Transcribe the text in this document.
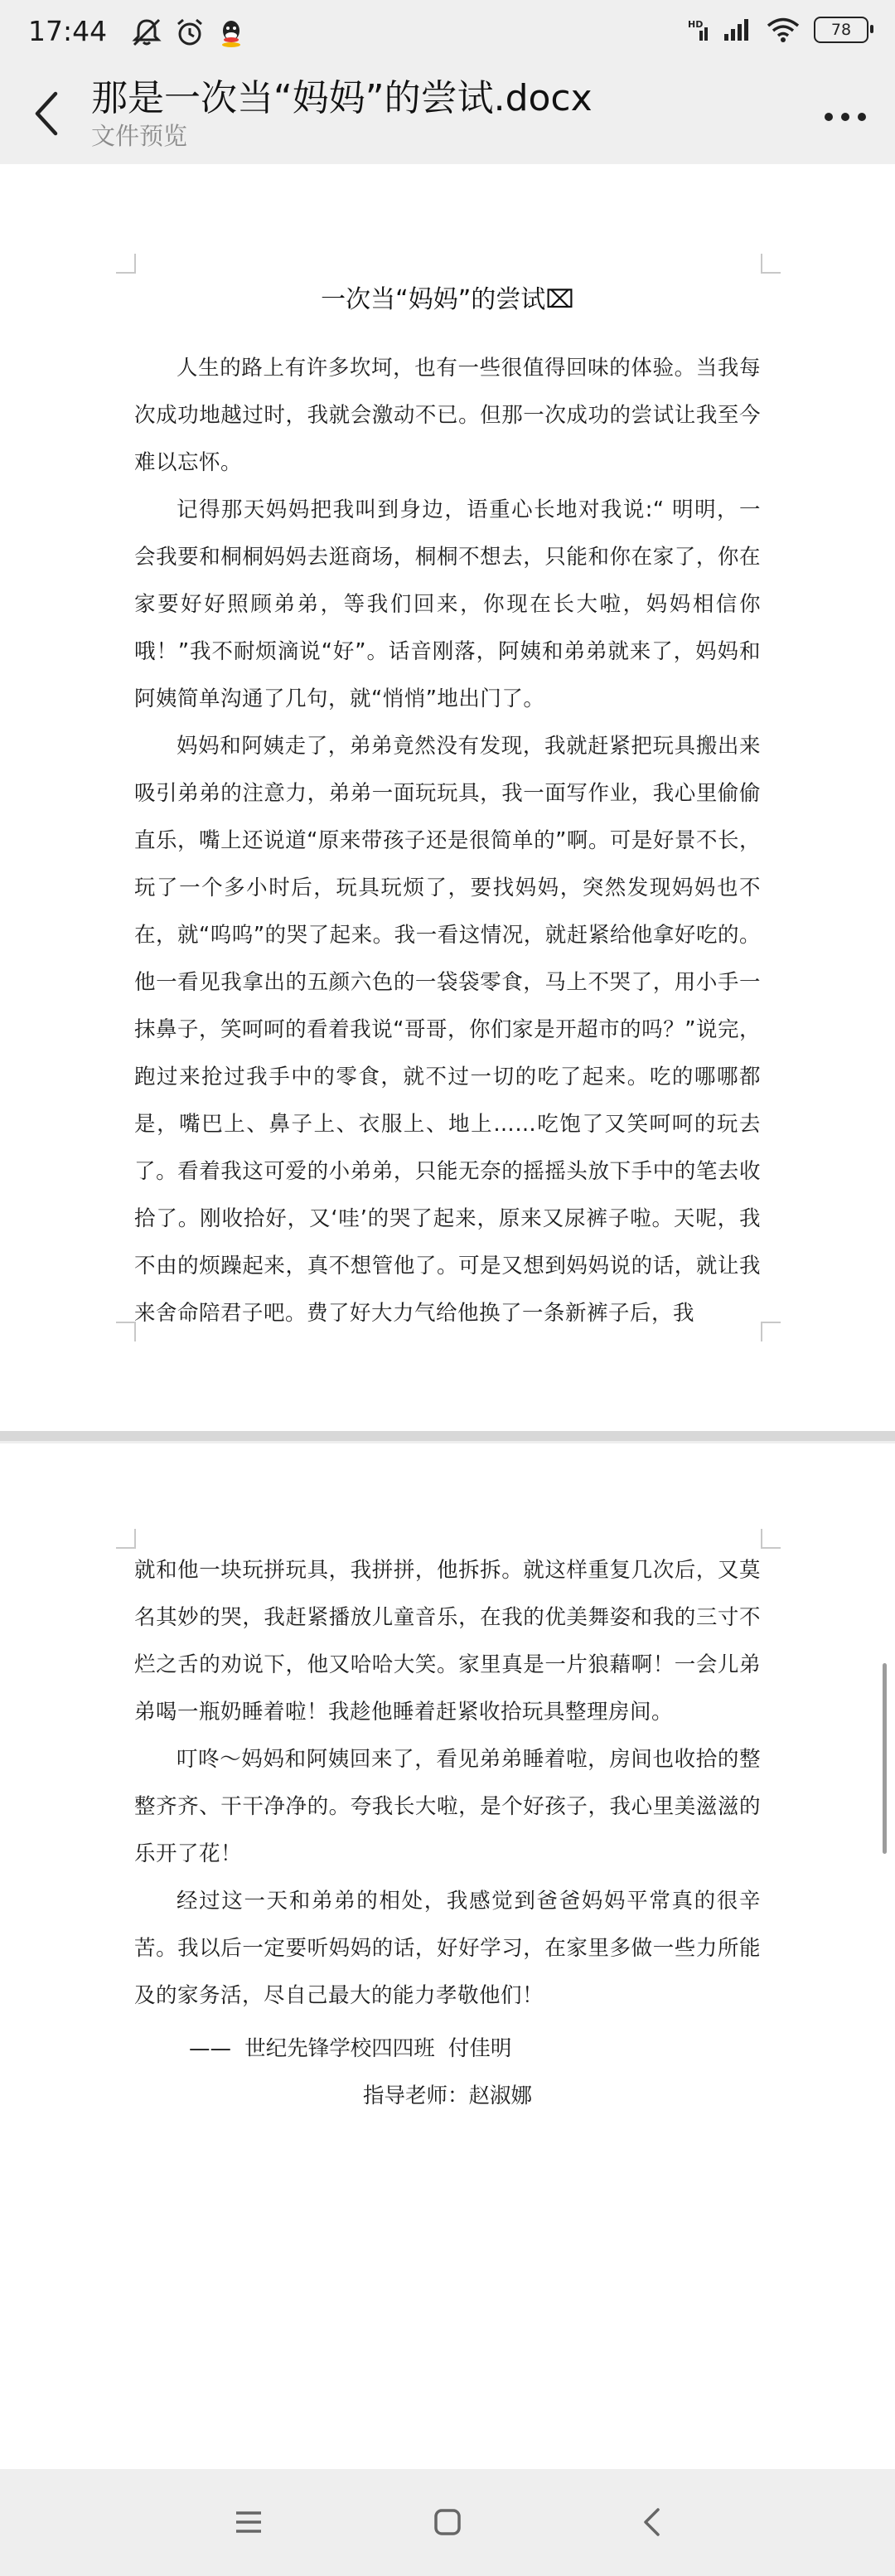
17:44	HD	78
那是一次当“妈妈”的尝试.docx
文件预览
一次当“妈妈”的尝试⌧

人生的路上有许多坎坷，也有一些很值得回味的体验。当我每次成功地越过时，我就会激动不已。但那一次成功的尝试让我至今难以忘怀。

记得那天妈妈把我叫到身边，语重心长地对我说:“ 明明，一会我要和桐桐妈妈去逛商场，桐桐不想去，只能和你在家了，你在家要好好照顾弟弟，等我们回来，你现在长大啦，妈妈相信你哦！”我不耐烦滴说“好”。话音刚落，阿姨和弟弟就来了，妈妈和阿姨简单沟通了几句，就“悄悄”地出门了。

妈妈和阿姨走了，弟弟竟然没有发现，我就赶紧把玩具搬出来吸引弟弟的注意力，弟弟一面玩玩具，我一面写作业，我心里偷偷直乐，嘴上还说道“原来带孩子还是很简单的”啊。可是好景不长，玩了一个多小时后，玩具玩烦了，要找妈妈，突然发现妈妈也不在，就“呜呜”的哭了起来。我一看这情况，就赶紧给他拿好吃的。他一看见我拿出的五颜六色的一袋袋零食，马上不哭了，用小手一抹鼻子，笑呵呵的看着我说“哥哥，你们家是开超市的吗？”说完，跑过来抢过我手中的零食，就不过一切的吃了起来。吃的哪哪都是，嘴巴上、鼻子上、衣服上、地上……吃饱了又笑呵呵的玩去了。看着我这可爱的小弟弟，只能无奈的摇摇头放下手中的笔去收拾了。刚收拾好，又‘哇’的哭了起来，原来又尿裤子啦。天呢，我不由的烦躁起来，真不想管他了。可是又想到妈妈说的话，就让我来舍命陪君子吧。费了好大力气给他换了一条新裤子后，我

就和他一块玩拼玩具，我拼拼，他拆拆。就这样重复几次后，又莫名其妙的哭，我赶紧播放儿童音乐，在我的优美舞姿和我的三寸不烂之舌的劝说下，他又哈哈大笑。家里真是一片狼藉啊！一会儿弟弟喝一瓶奶睡着啦！我趁他睡着赶紧收拾玩具整理房间。

叮咚～妈妈和阿姨回来了，看见弟弟睡着啦，房间也收拾的整整齐齐、干干净净的。夸我长大啦，是个好孩子，我心里美滋滋的乐开了花！

经过这一天和弟弟的相处，我感觉到爸爸妈妈平常真的很辛苦。我以后一定要听妈妈的话，好好学习，在家里多做一些力所能及的家务活，尽自己最大的能力孝敬他们！

——  世纪先锋学校四四班  付佳明
指导老师：赵淑娜
